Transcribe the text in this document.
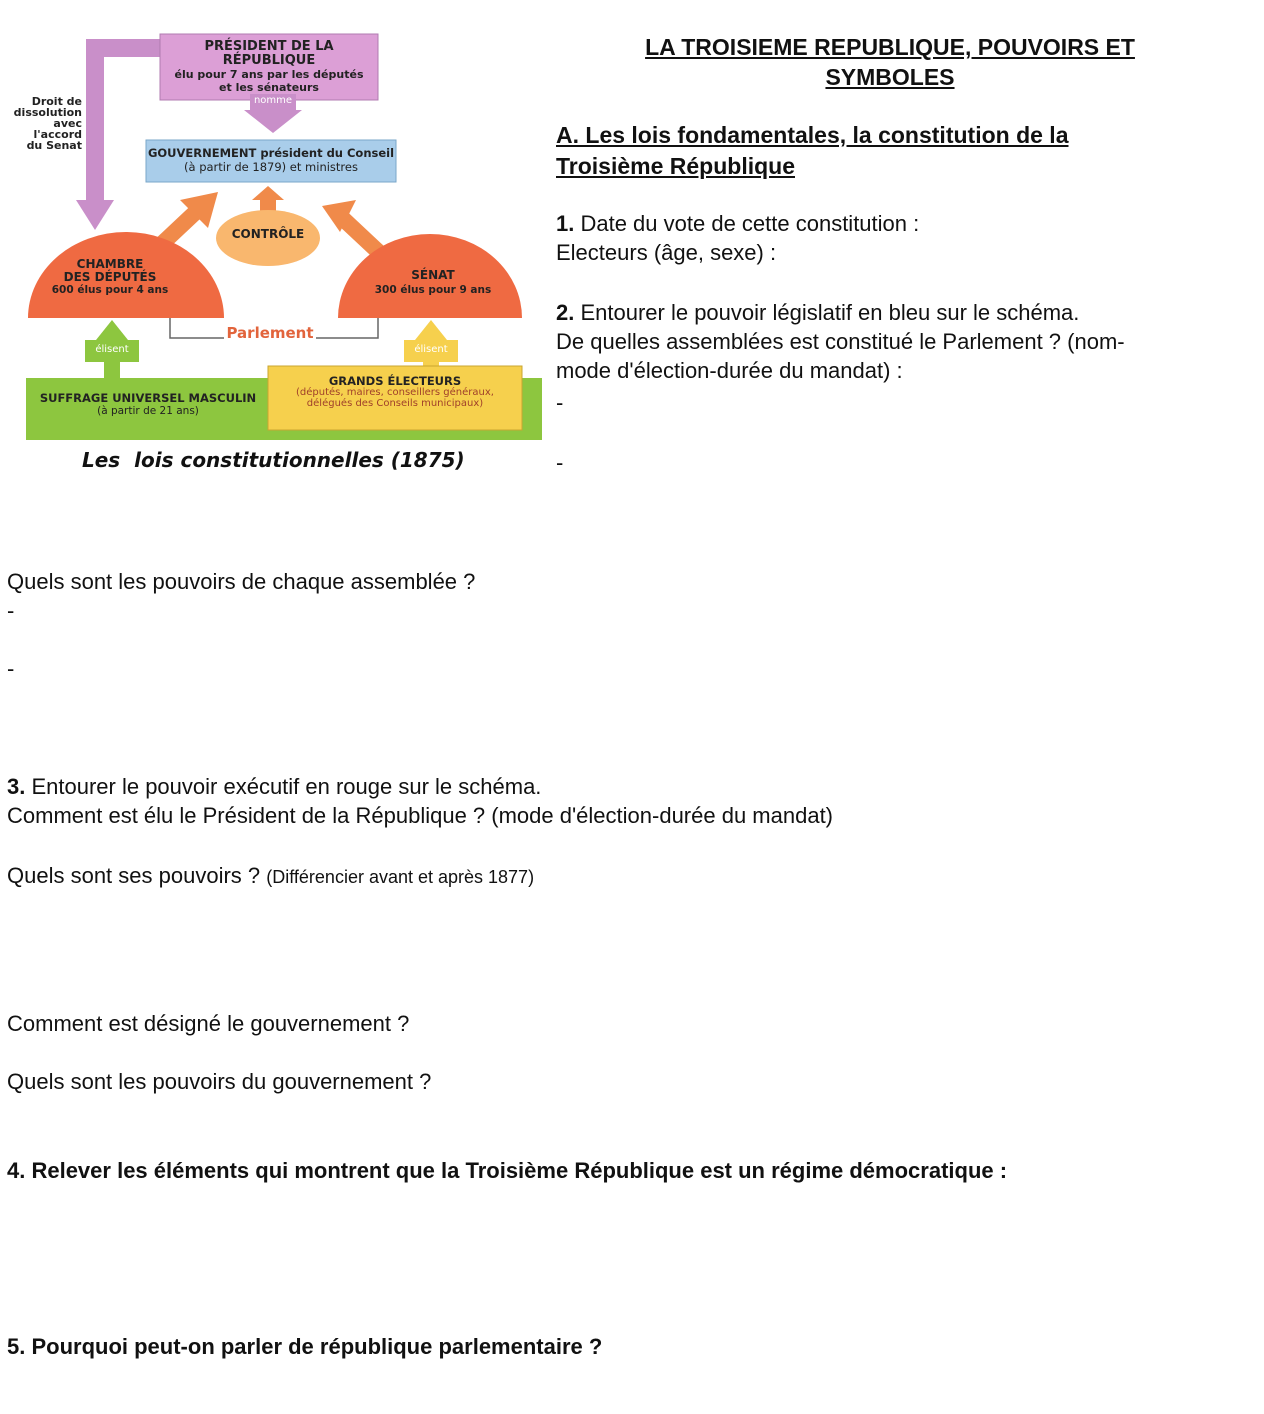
PRÉSIDENT DE LA RÉPUBLIQUE
élu pour 7 ans par les députés
et les sénateurs
nomme
Droit de
dissolution
avec
l'accord
du Senat
GOUVERNEMENT président du Conseil
(à partir de 1879) et ministres
CONTRÔLE
CHAMBRE
DES DÉPUTÉS
600 élus pour 4 ans
SÉNAT
300 élus pour 9 ans
Parlement
élisent	élisent
SUFFRAGE UNIVERSEL MASCULIN
(à partir de 21 ans)
GRANDS ÉLECTEURS
(députés, maires, conseillers généraux,
délégués des Conseils municipaux)
Les  lois constitutionnelles (1875)
LA TROISIEME REPUBLIQUE, POUVOIRS ET
SYMBOLES
A. Les lois fondamentales, la constitution de la
Troisième République
1. Date du vote de cette constitution :
Electeurs (âge, sexe) :
2. Entourer le pouvoir législatif en bleu sur le schéma.
De quelles assemblées est constitué le Parlement ? (nom-
mode d'élection-durée du mandat) :
-
-
Quels sont les pouvoirs de chaque assemblée ?
-
-
3. Entourer le pouvoir exécutif en rouge sur le schéma.
Comment est élu le Président de la République ? (mode d'élection-durée du mandat)
Quels sont ses pouvoirs ? (Différencier avant et après 1877)
Comment est désigné le gouvernement ?
Quels sont les pouvoirs du gouvernement ?
4. Relever les éléments qui montrent que la Troisième République est un régime démocratique :
5. Pourquoi peut-on parler de république parlementaire ?
